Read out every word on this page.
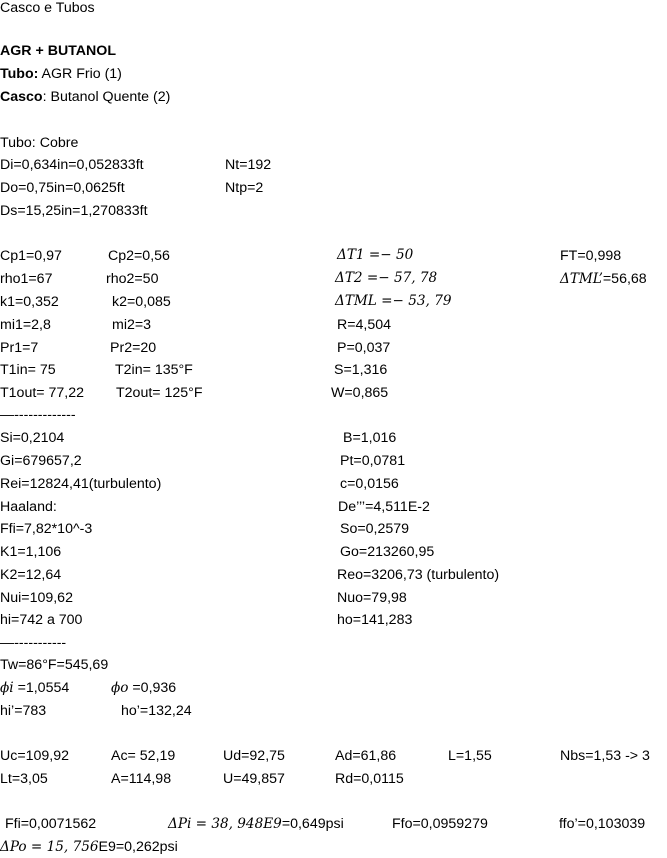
Casco e Tubos
AGR + BUTANOL
Tubo: AGR Frio (1)
Casco: Butanol Quente (2)
Tubo: Cobre
Di=0,634in=0,052833ft	Nt=192
Do=0,75in=0,0625ft	Ntp=2
Ds=15,25in=1,270833ft
Cp1=0,97	Cp2=0,56	ΔT1 =− 50	FT=0,998
rho1=67	rho2=50	ΔT2 =− 57, 78	ΔTML’=56,68
k1=0,352	k2=0,085	ΔTML =− 53, 79
mi1=2,8	mi2=3	R=4,504
Pr1=7	Pr2=20	P=0,037
T1in= 75	T2in= 135°F	S=1,316
T1out= 77,22 T2out= 125°F	W=0,865
—-------------
Si=0,2104	B=1,016
Gi=679657,2	Pt=0,0781
Rei=12824,41(turbulento)	c=0,0156
Haaland:	De’’’=4,511E-2
Ffi=7,82*10^-3	So=0,2579
K1=1,106	Go=213260,95
K2=12,64	Reo=3206,73 (turbulento)
Nui=109,62	Nuo=79,98
hi=742 a 700	ho=141,283
—-----------
Tw=86°F=545,69
ϕi =1,0554	ϕo =0,936
hi’=783	ho’=132,24
Uc=109,92	Ac= 52,19	Ud=92,75	Ad=61,86	L=1,55	Nbs=1,53 -> 3
Lt=3,05	A=114,98	U=49,857	Rd=0,0115
Ffi=0,0071562	ΔPi = 38, 948E9=0,649psi	Ffo=0,0959279	ffo’=0,103039
ΔPo = 15, 756E9=0,262psi
